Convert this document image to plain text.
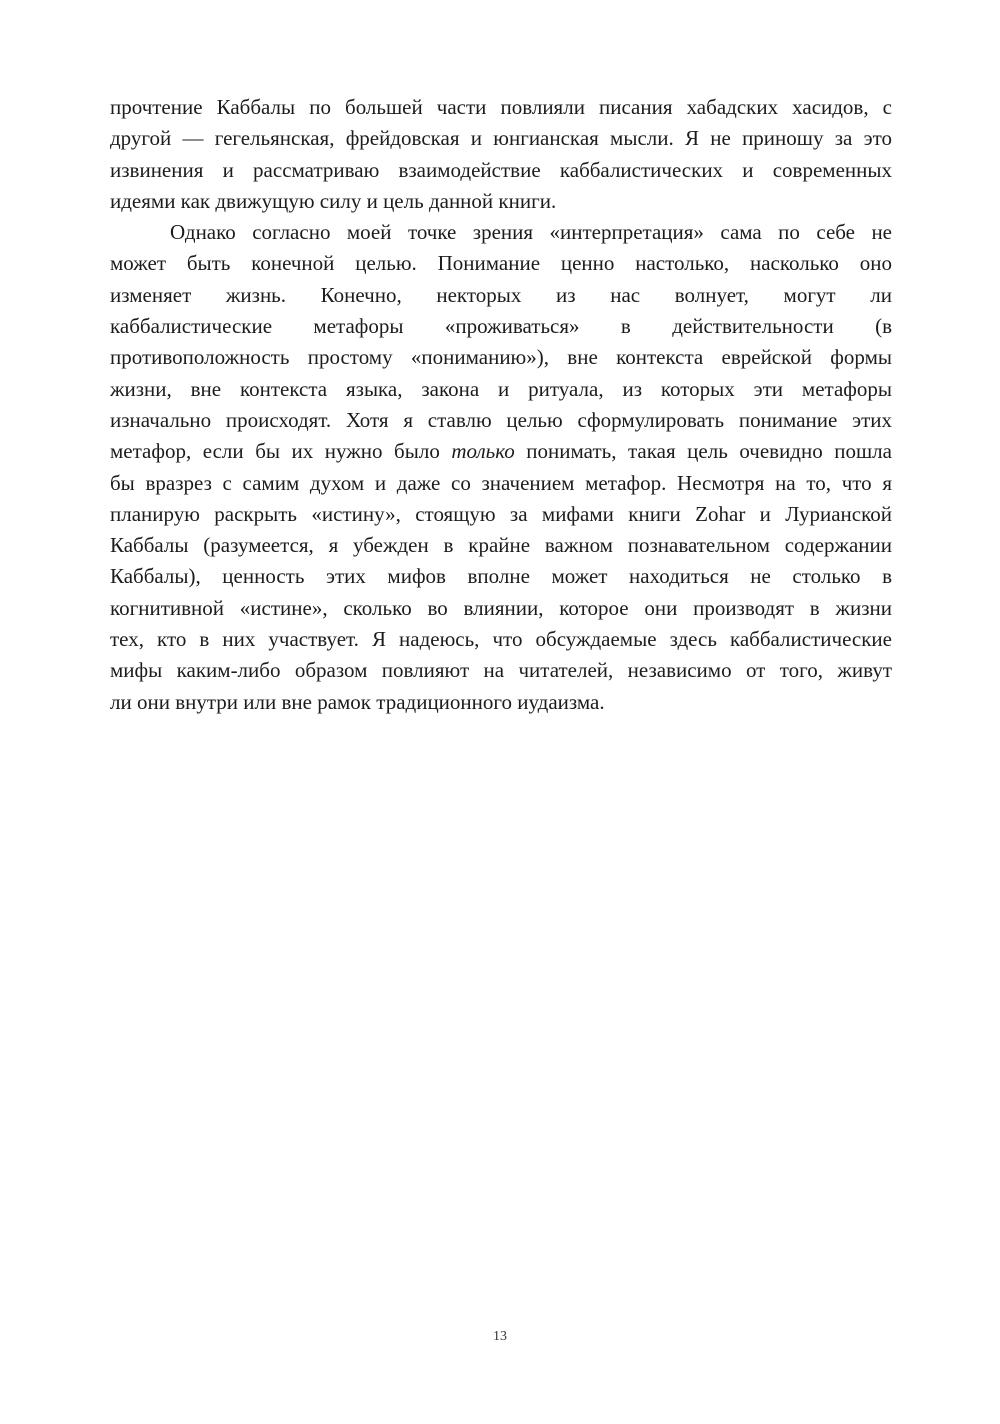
прочтение Каббалы по большей части повлияли писания хабадских хасидов, с
другой — гегельянская, фрейдовская и юнгианская мысли. Я не приношу за это
извинения и рассматриваю взаимодействие каббалистических и современных
идеями как движущую силу и цель данной книги.
Однако согласно моей точке зрения «интерпретация» сама по себе не
может быть конечной целью. Понимание ценно настолько, насколько оно
изменяет жизнь. Конечно, некторых из нас волнует, могут ли
каббалистические метафоры «проживаться» в действительности (в
противоположность простому «пониманию»), вне контекста еврейской формы
жизни, вне контекста языка, закона и ритуала, из которых эти метафоры
изначально происходят. Хотя я ставлю целью сформулировать понимание этих
метафор, если бы их нужно было только понимать, такая цель очевидно пошла
бы вразрез с самим духом и даже со значением метафор. Несмотря на то, что я
планирую раскрыть «истину», стоящую за мифами книги Zohar и Лурианской
Каббалы (разумеется, я убежден в крайне важном познавательном содержании
Каббалы), ценность этих мифов вполне может находиться не столько в
когнитивной «истине», сколько во влиянии, которое они производят в жизни
тех, кто в них участвует. Я надеюсь, что обсуждаемые здесь каббалистические
мифы каким-либо образом повлияют на читателей, независимо от того, живут
ли они внутри или вне рамок традиционного иудаизма.
13
